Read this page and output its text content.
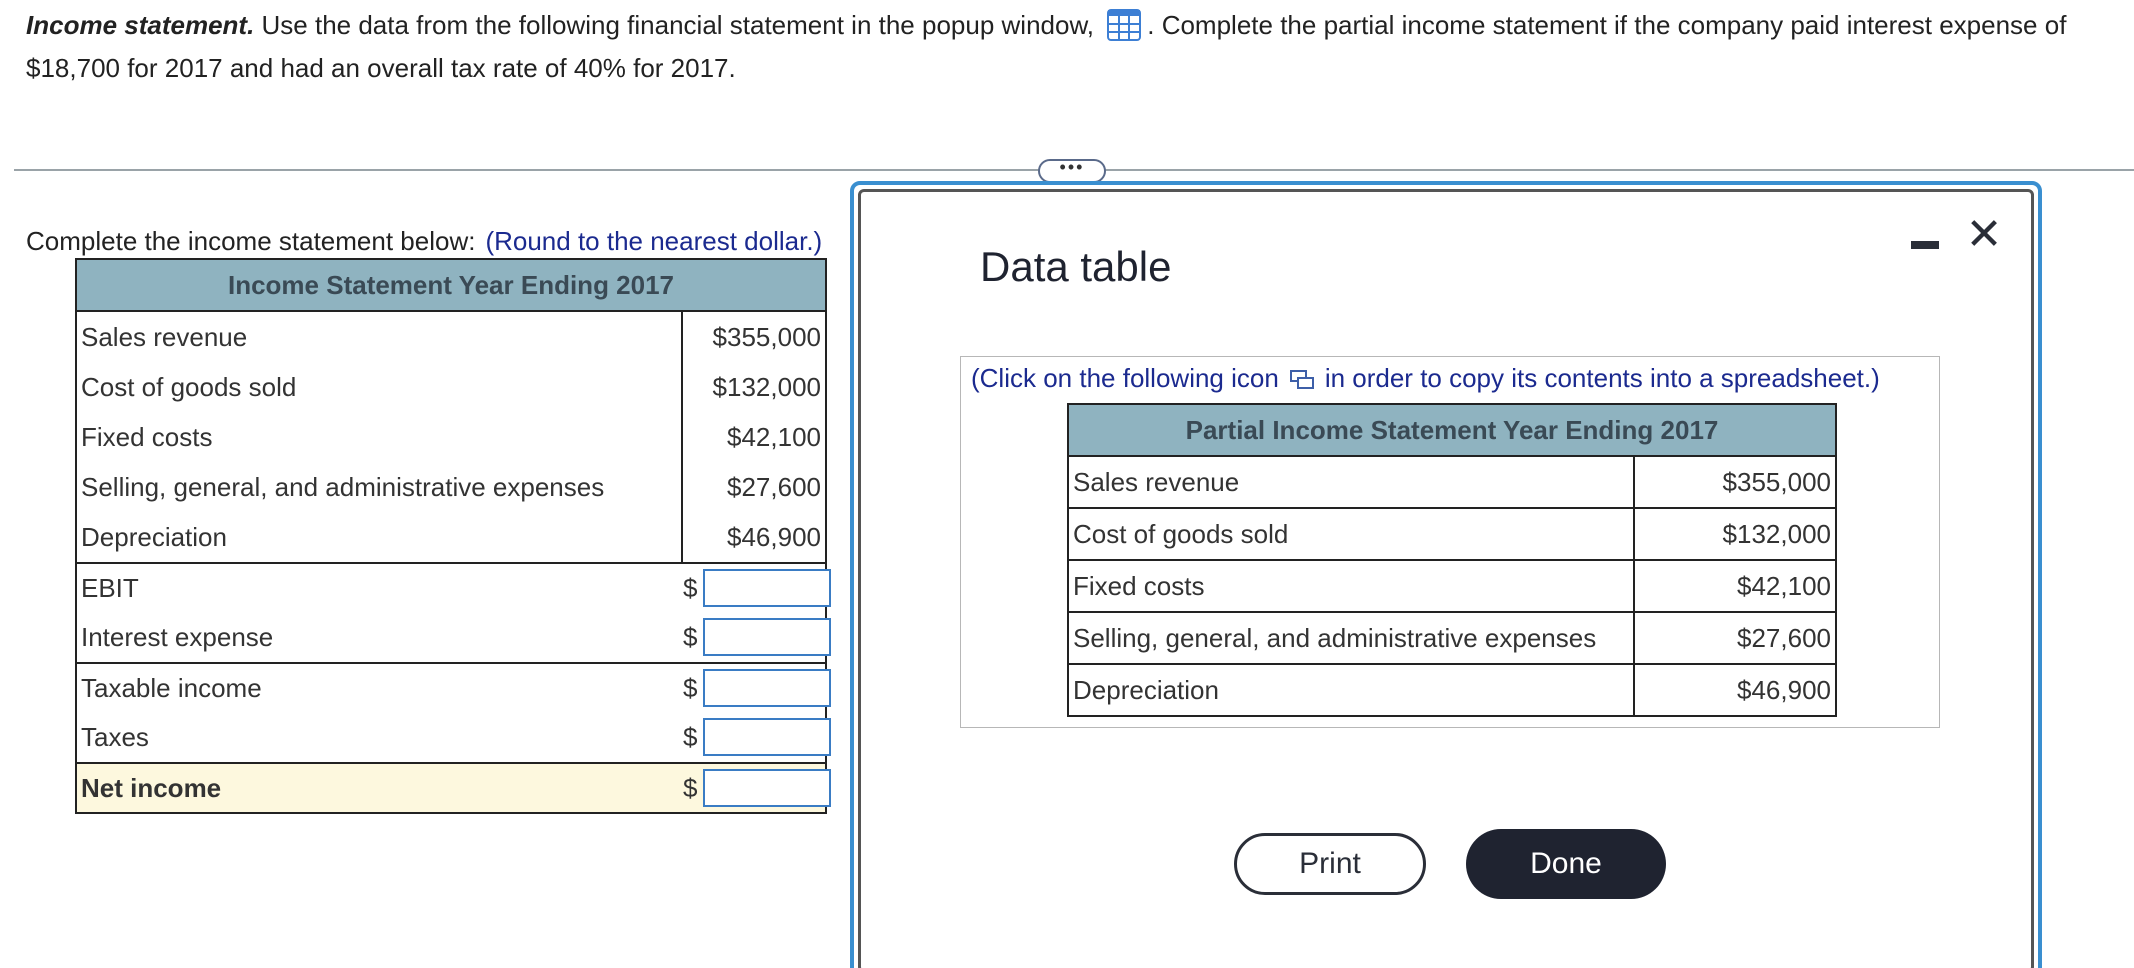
Income statement. Use the data from the following financial statement in the popup window,
. Complete the partial income statement if the company paid interest expense of $18,700 for 2017 and had an overall tax rate of 40% for 2017.
•••
Complete the income statement below: (Round to the nearest dollar.)
Income Statement Year Ending 2017
Sales revenue	$355,000
Cost of goods sold	$132,000
Fixed costs	$42,100
Selling, general, and administrative expenses	$27,600
Depreciation	$46,900
EBIT	$
Interest expense	$
Taxable income	$
Taxes	$
Net income	$
Data table
✕
(Click on the following icon in order to copy its contents into a spreadsheet.)
Partial Income Statement Year Ending 2017
Sales revenue	$355,000
Cost of goods sold	$132,000
Fixed costs	$42,100
Selling, general, and administrative expenses	$27,600
Depreciation	$46,900
Print	Done
